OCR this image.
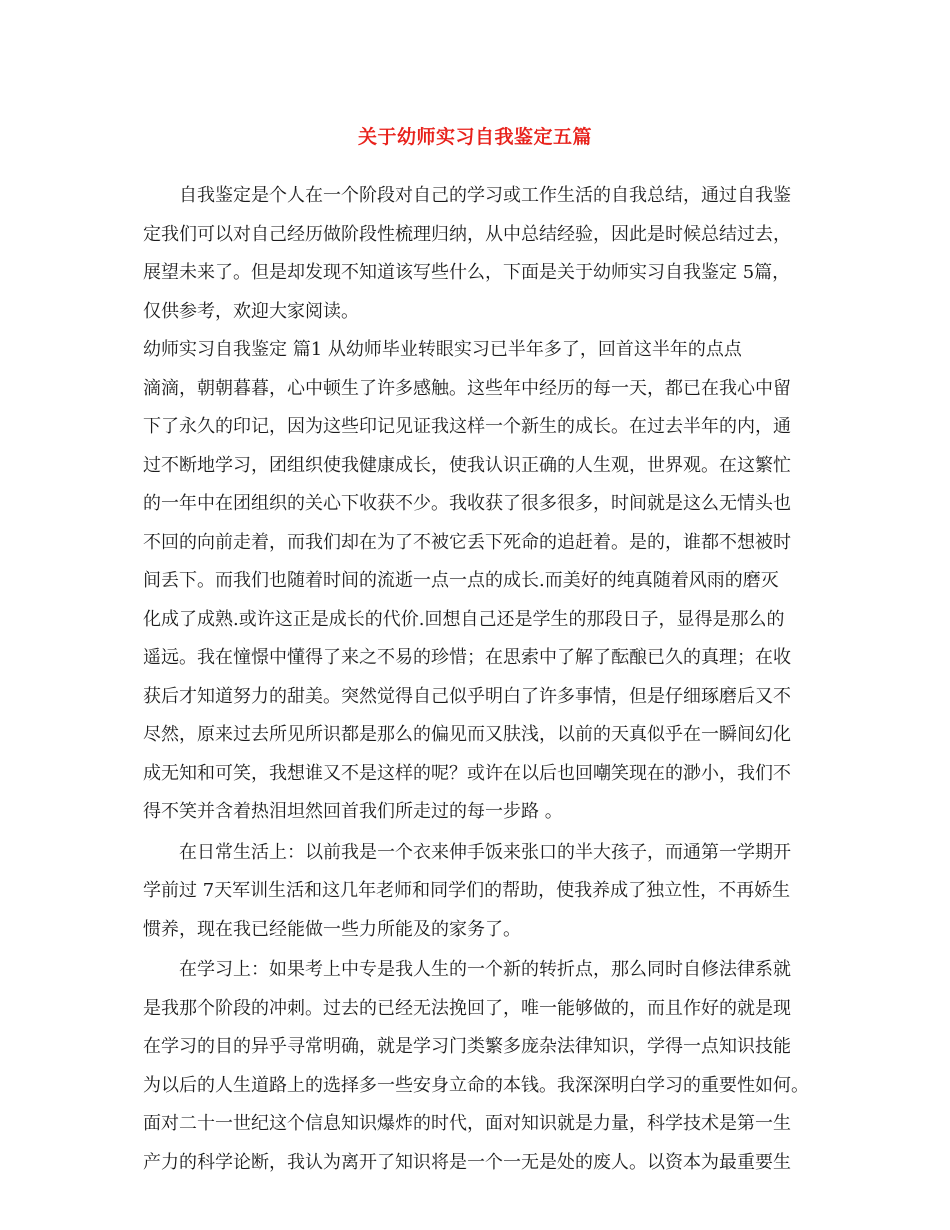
关于幼师实习自我鉴定五篇
自我鉴定是个人在一个阶段对自己的学习或工作生活的自我总结，通过自我鉴
定我们可以对自己经历做阶段性梳理归纳，从中总结经验，因此是时候总结过去，
展望未来了。但是却发现不知道该写些什么，下面是关于幼师实习自我鉴定 5篇，
仅供参考，欢迎大家阅读。
幼师实习自我鉴定 篇1 从幼师毕业转眼实习已半年多了，回首这半年的点点
滴滴，朝朝暮暮，心中顿生了许多感触。这些年中经历的每一天，都已在我心中留
下了永久的印记，因为这些印记见证我这样一个新生的成长。在过去半年的内，通
过不断地学习，团组织使我健康成长，使我认识正确的人生观，世界观。在这繁忙
的一年中在团组织的关心下收获不少。我收获了很多很多，时间就是这么无情头也
不回的向前走着，而我们却在为了不被它丢下死命的追赶着。是的，谁都不想被时
间丢下。而我们也随着时间的流逝一点一点的成长.而美好的纯真随着风雨的磨灭
化成了成熟.或许这正是成长的代价.回想自己还是学生的那段日子，显得是那么的
遥远。我在憧憬中懂得了来之不易的珍惜；在思索中了解了酝酿已久的真理；在收
获后才知道努力的甜美。突然觉得自己似乎明白了许多事情，但是仔细琢磨后又不
尽然，原来过去所见所识都是那么的偏见而又肤浅，以前的天真似乎在一瞬间幻化
成无知和可笑，我想谁又不是这样的呢？或许在以后也回嘲笑现在的渺小，我们不
得不笑并含着热泪坦然回首我们所走过的每一步路 。
在日常生活上：以前我是一个衣来伸手饭来张口的半大孩子，而通第一学期开
学前过 7天军训生活和这几年老师和同学们的帮助，使我养成了独立性，不再娇生
惯养，现在我已经能做一些力所能及的家务了。
在学习上：如果考上中专是我人生的一个新的转折点，那么同时自修法律系就
是我那个阶段的冲刺。过去的已经无法挽回了，唯一能够做的，而且作好的就是现
在学习的目的异乎寻常明确，就是学习门类繁多庞杂法律知识，学得一点知识技能
为以后的人生道路上的选择多一些安身立命的本钱。我深深明白学习的重要性如何。
面对二十一世纪这个信息知识爆炸的时代，面对知识就是力量，科学技术是第一生
产力的科学论断，我认为离开了知识将是一个一无是处的废人。以资本为最重要生
